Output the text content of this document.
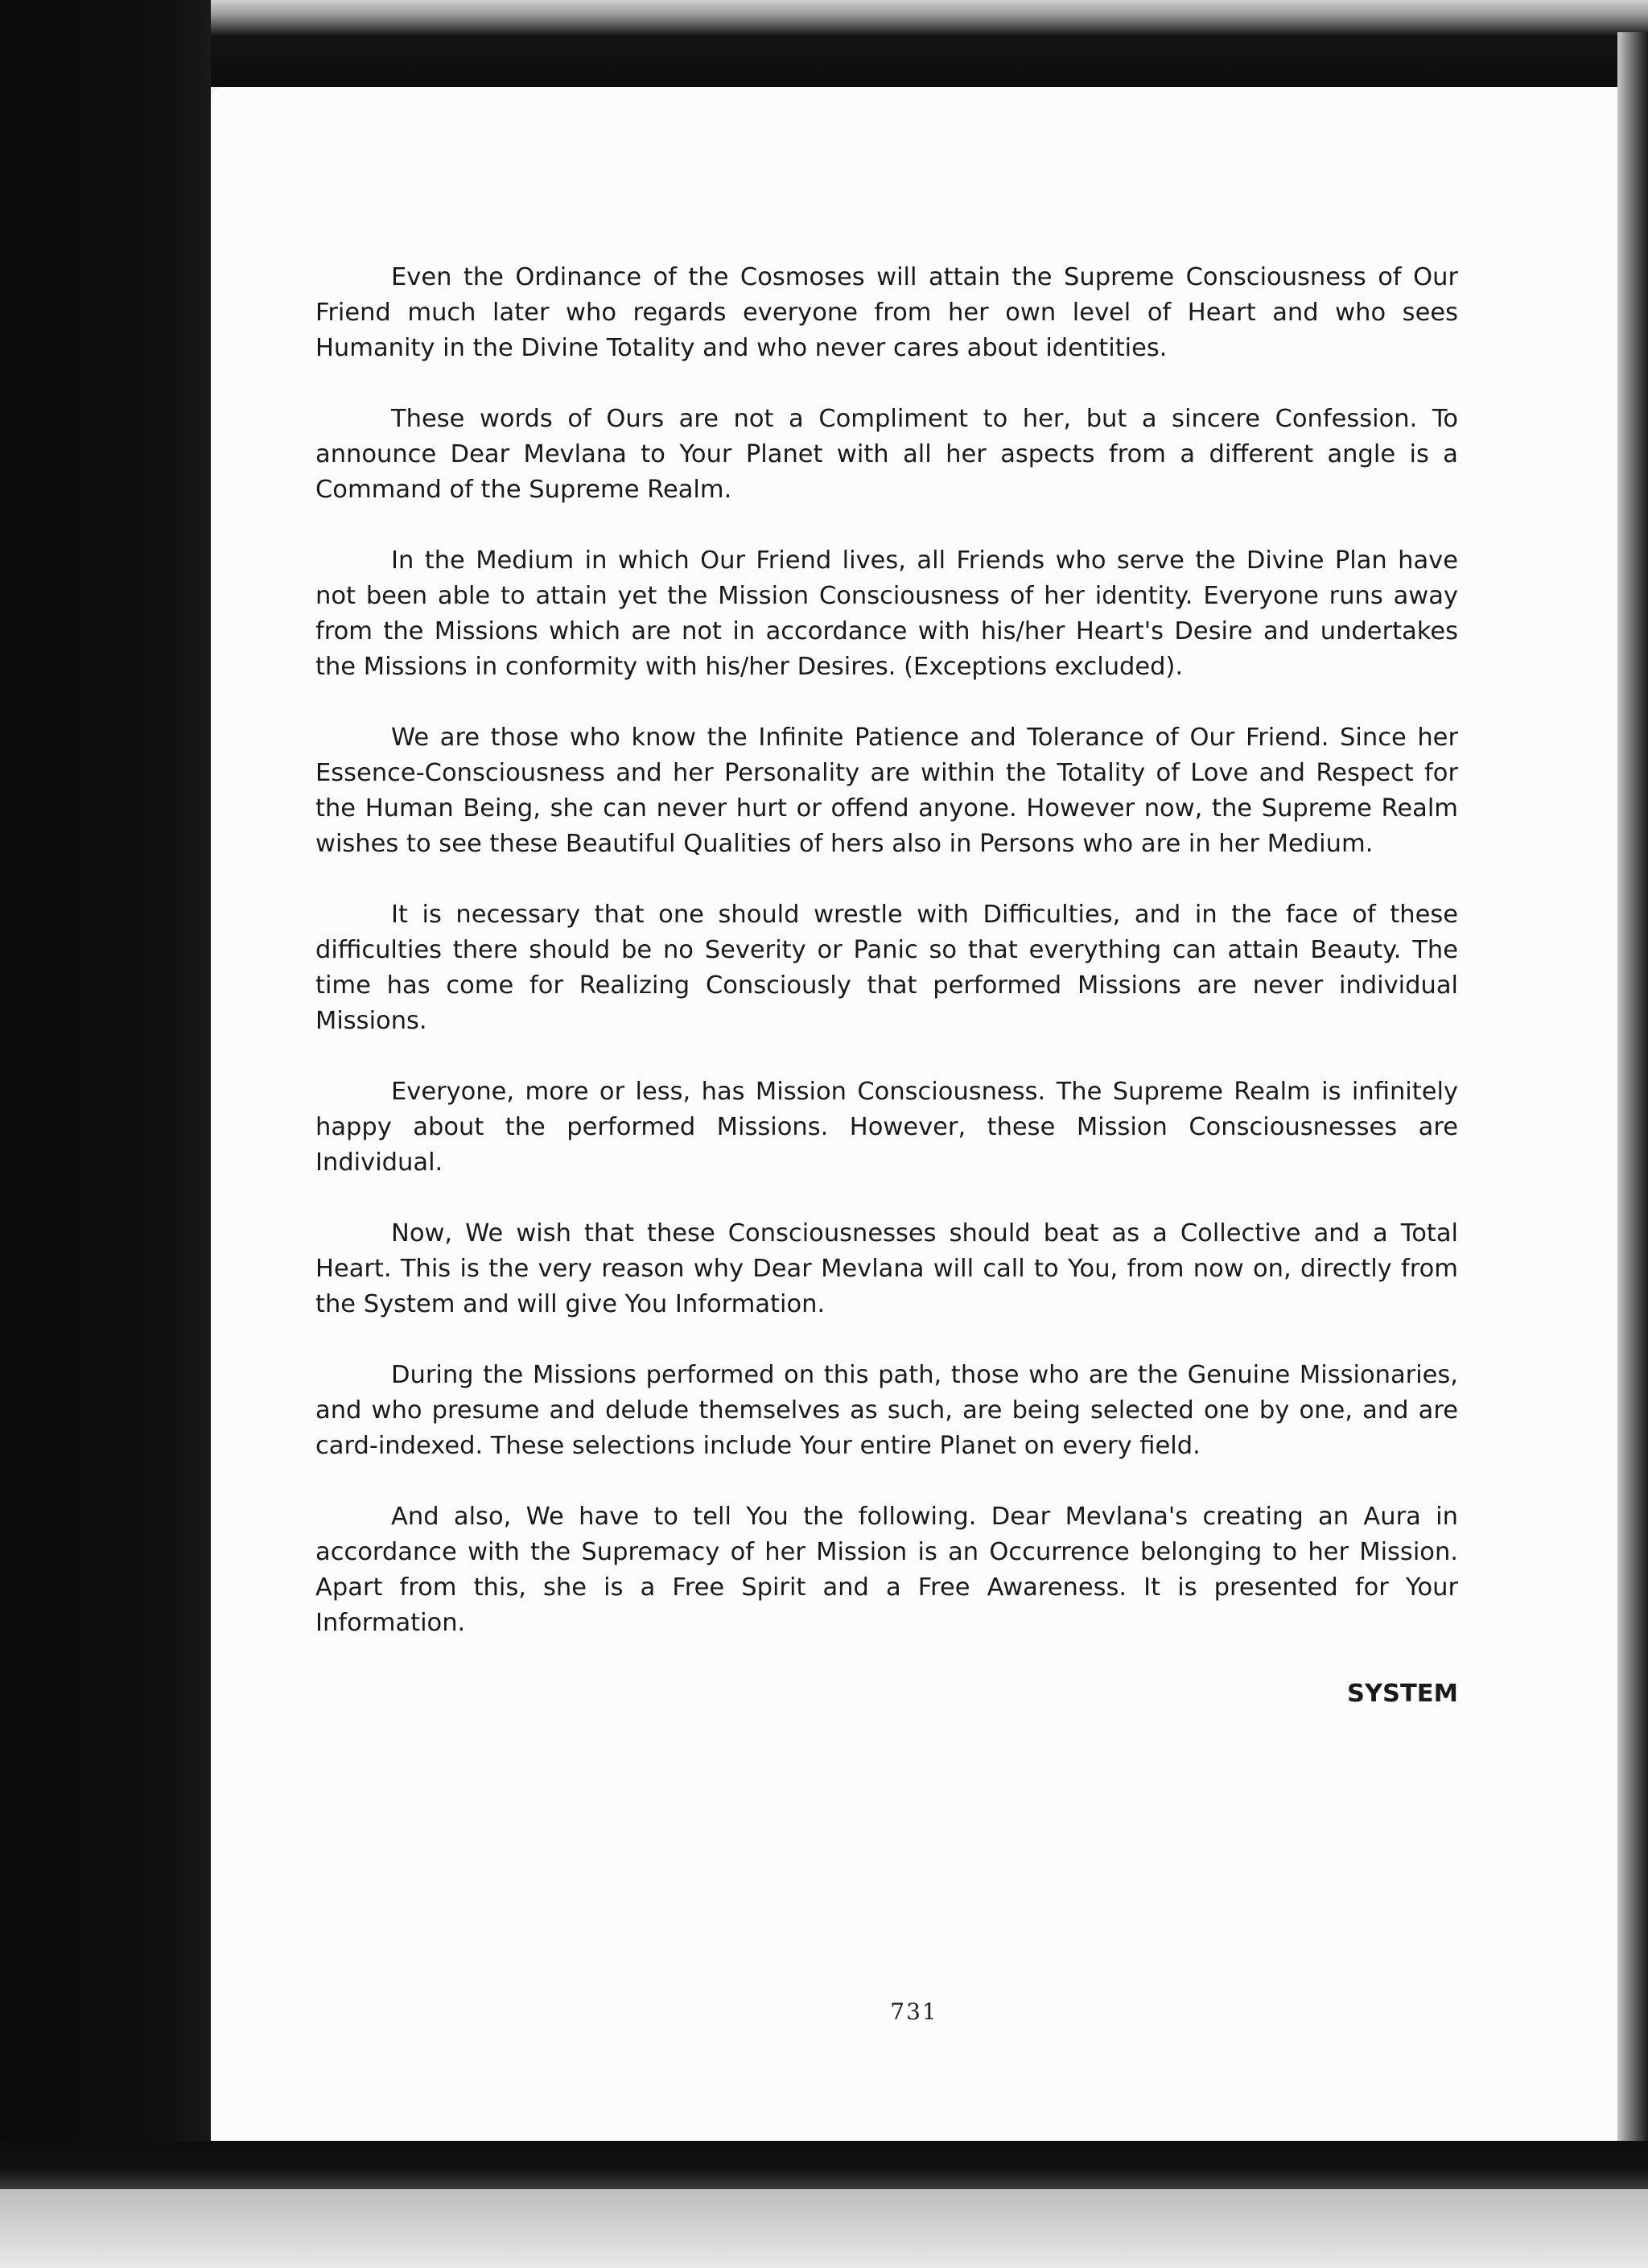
Even the Ordinance of the Cosmoses will attain the Supreme Consciousness of Our Friend much later who regards everyone from her own level of Heart and who sees Humanity in the Divine Totality and who never cares about identities.

These words of Ours are not a Compliment to her, but a sincere Confession. To announce Dear Mevlana to Your Planet with all her aspects from a different angle is a Command of the Supreme Realm.

In the Medium in which Our Friend lives, all Friends who serve the Divine Plan have not been able to attain yet the Mission Consciousness of her identity. Everyone runs away from the Missions which are not in accordance with his/her Heart's Desire and undertakes the Missions in conformity with his/her Desires. (Exceptions excluded).

We are those who know the Infinite Patience and Tolerance of Our Friend. Since her Essence-Consciousness and her Personality are within the Totality of Love and Respect for the Human Being, she can never hurt or offend anyone. However now, the Supreme Realm wishes to see these Beautiful Qualities of hers also in Persons who are in her Medium.

It is necessary that one should wrestle with Difficulties, and in the face of these difficulties there should be no Severity or Panic so that everything can attain Beauty. The time has come for Realizing Consciously that performed Missions are never individual Missions.

Everyone, more or less, has Mission Consciousness. The Supreme Realm is infinitely happy about the performed Missions. However, these Mission Consciousnesses are Individual.

Now, We wish that these Consciousnesses should beat as a Collective and a Total Heart. This is the very reason why Dear Mevlana will call to You, from now on, directly from the System and will give You Information.

During the Missions performed on this path, those who are the Genuine Missionaries, and who presume and delude themselves as such, are being selected one by one, and are card-indexed. These selections include Your entire Planet on every field.

And also, We have to tell You the following. Dear Mevlana's creating an Aura in accordance with the Supremacy of her Mission is an Occurrence belonging to her Mission. Apart from this, she is a Free Spirit and a Free Awareness. It is presented for Your Information.

SYSTEM

731
